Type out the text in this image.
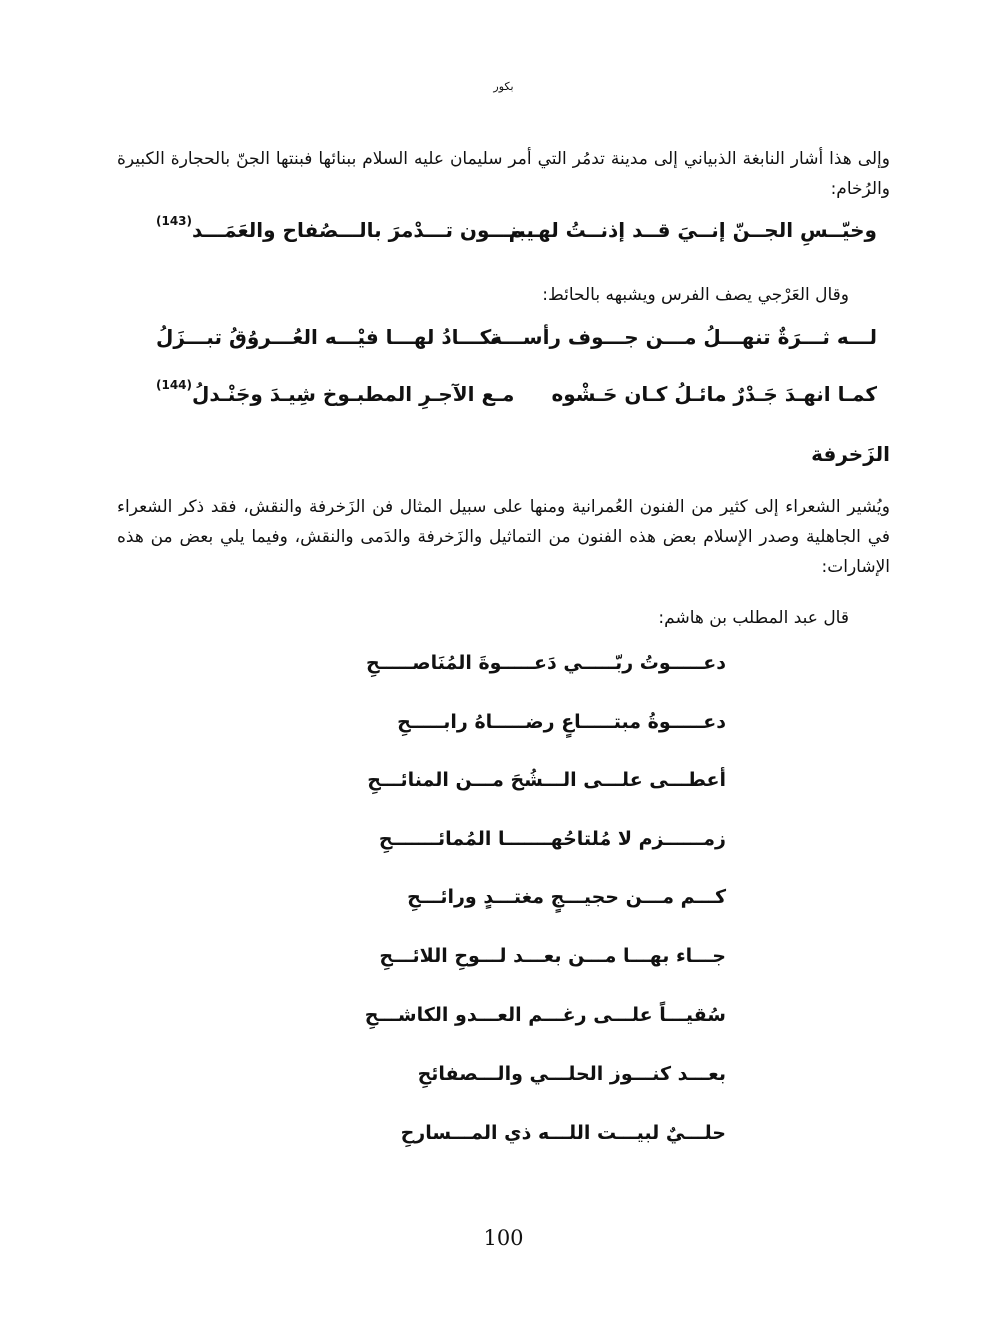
بكور
وإلى هذا أشار النابغة الذبياني إلى مدينة تدمُر التي أمر سليمان عليه السلام ببنائها فبنتها الجنّ بالحجارة الكبيرة والرُخام:
وخيّــسِ الجــنّ إنــيَ قــد إذنــتُ لهــم
يبنـــون تـــدْمرَ بالـــصُفاح والعَمَـــد$^{(143)}$
وقال العَرْجي يصف الفرس ويشبهه بالحائط:
لـــه ثـــرَةٌ تنهـــلُ مـــن جـــوف رأســـه
تكـــادُ لهـــا فيْـــه العُـــروُقُ تبـــزَلُ
كمـا انهـدَ جَـدْرٌ مائـلُ كـان حَـشْوه
مـع الآجـرِ المطبـوخ شِيـدَ وجَنْـدلُ$^{(144)}$
الزَخرفة
ويُشير الشعراء إلى كثير من الفنون العُمرانية ومنها على سبيل المثال فن الزَخرفة والنقش، فقد ذكر الشعراء في الجاهلية وصدر الإسلام بعض هذه الفنون من التماثيل والزَخرفة والدَمى والنقش، وفيما يلي بعض من هذه الإشارات:
قال عبد المطلب بن هاشم:
دعـــــوتُ ربّـــــي دَعـــــوةَ المُنَاصـــــحِ
دعـــــوةُ مبتـــــاعٍ رضـــــاهُ رابـــــحِ
أعطـــى علـــى الـــشُحَ مـــن المنائـــحِ
زمــــــزم لا مُلتاحُهـــــــا المُمائـــــــحِ
كـــم مـــن حجيـــجٍ مغتـــدٍ ورائـــحِ
جـــاء بهـــا مـــن بعـــد لـــوحِ اللائـــحِ
سُقيـــاً علـــى رغـــم العـــدو الكاشـــحِ
بعـــد كنـــوز الحلـــي والـــصفائحِ
حلـــيٌ لبيـــت اللـــه ذي المـــسارحِ
100
